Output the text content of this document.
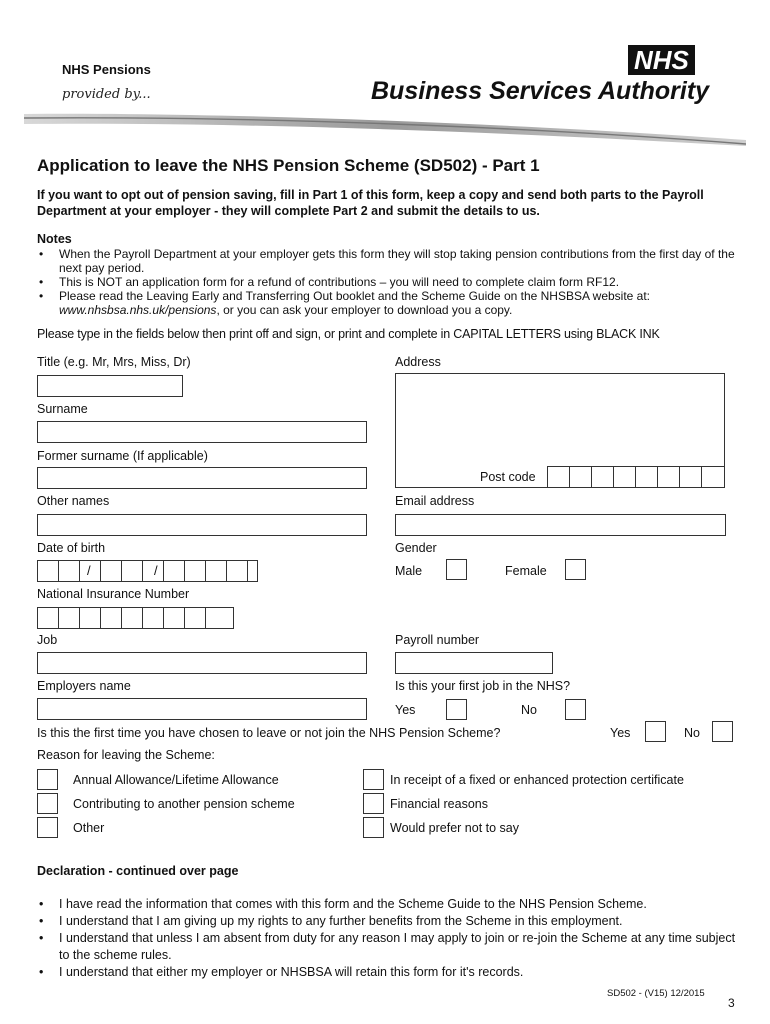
NHS Pensions
provided by...
NHS
Business Services Authority
Application to leave the NHS Pension Scheme (SD502) - Part 1
If you want to opt out of pension saving, fill in Part 1 of this form, keep a copy and send both parts to the Payroll Department at your employer - they will complete Part 2 and submit the details to us.
Notes
• When the Payroll Department at your employer gets this form they will stop taking pension contributions from the first day of the next pay period.
• This is NOT an application form for a refund of contributions – you will need to complete claim form RF12.
• Please read the Leaving Early and Transferring Out booklet and the Scheme Guide on the NHSBSA website at:
www.nhsbsa.nhs.uk/pensions, or you can ask your employer to download you a copy.
Please type in the fields below then print off and sign, or print and complete in CAPITAL LETTERS using BLACK INK
Title (e.g. Mr, Mrs, Miss, Dr)
Surname
Former surname (If applicable)
Other names
Date of birth
/	/
National Insurance Number
Job
Employers name
Address
Post code
Email address
Gender
Male	Female
Payroll number
Is this your first job in the NHS?
Yes	No
Is this the first time you have chosen to leave or not join the NHS Pension Scheme?	Yes	No
Reason for leaving the Scheme:
Annual Allowance/Lifetime Allowance
Contributing to another pension scheme
Other
In receipt of a fixed or enhanced protection certificate
Financial reasons
Would prefer not to say
Declaration - continued over page
• I have read the information that comes with this form and the Scheme Guide to the NHS Pension Scheme.
• I understand that I am giving up my rights to any further benefits from the Scheme in this employment.
• I understand that unless I am absent from duty for any reason I may apply to join or re-join the Scheme at any time subject to the scheme rules.
• I understand that either my employer or NHSBSA will retain this form for it's records.
SD502 - (V15) 12/2015
3
